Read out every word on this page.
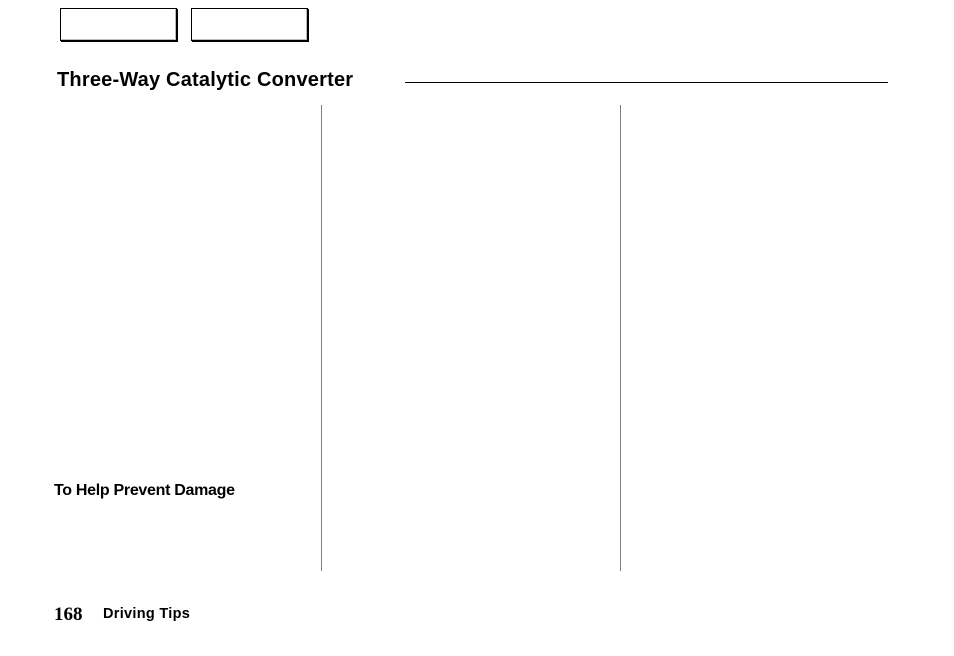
Three-Way Catalytic Converter
To Help Prevent Damage
168 Driving Tips
